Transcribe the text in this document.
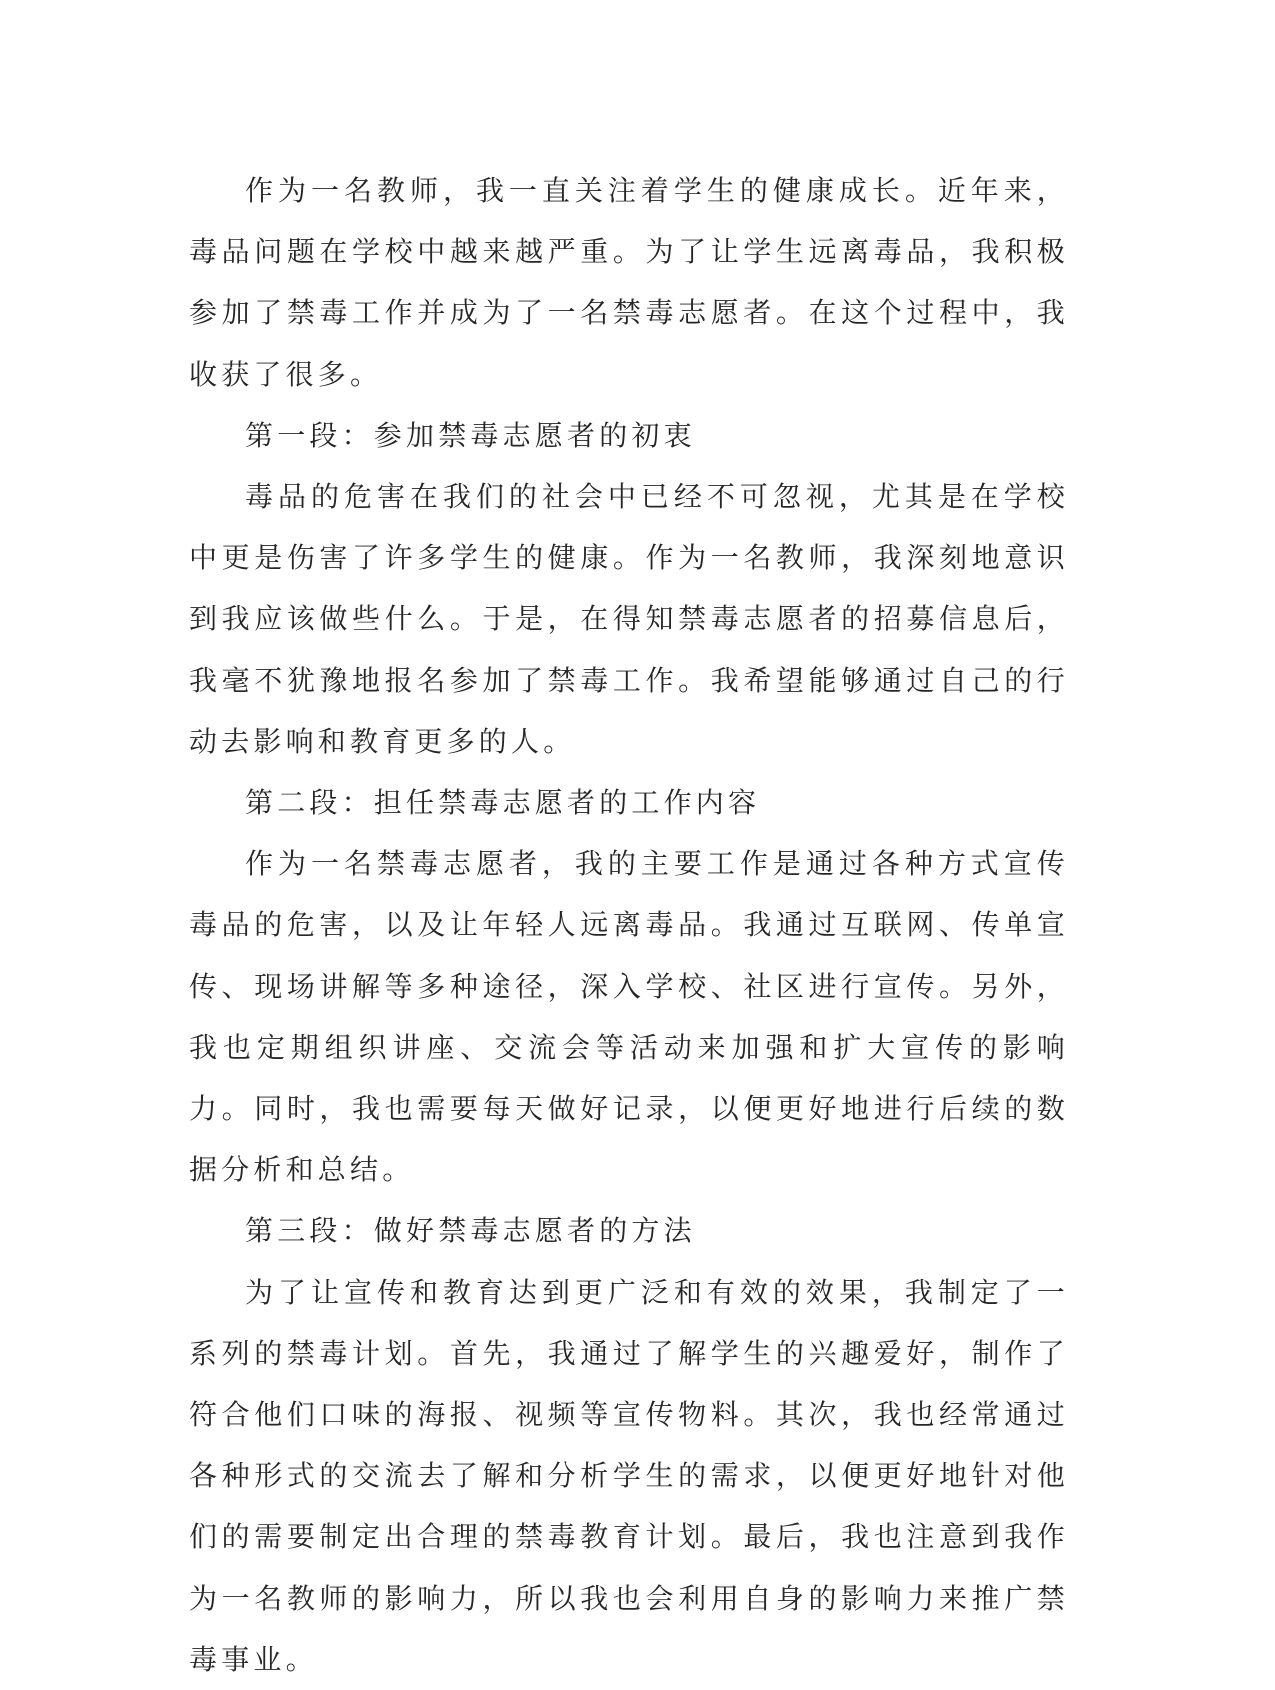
作为一名教师，我一直关注着学生的健康成长。近年来，毒品问题在学校中越来越严重。为了让学生远离毒品，我积极参加了禁毒工作并成为了一名禁毒志愿者。在这个过程中，我收获了很多。

第一段：参加禁毒志愿者的初衷

毒品的危害在我们的社会中已经不可忽视，尤其是在学校中更是伤害了许多学生的健康。作为一名教师，我深刻地意识到我应该做些什么。于是，在得知禁毒志愿者的招募信息后，我毫不犹豫地报名参加了禁毒工作。我希望能够通过自己的行动去影响和教育更多的人。

第二段：担任禁毒志愿者的工作内容

作为一名禁毒志愿者，我的主要工作是通过各种方式宣传毒品的危害，以及让年轻人远离毒品。我通过互联网、传单宣传、现场讲解等多种途径，深入学校、社区进行宣传。另外，我也定期组织讲座、交流会等活动来加强和扩大宣传的影响力。同时，我也需要每天做好记录，以便更好地进行后续的数据分析和总结。

第三段：做好禁毒志愿者的方法

为了让宣传和教育达到更广泛和有效的效果，我制定了一系列的禁毒计划。首先，我通过了解学生的兴趣爱好，制作了符合他们口味的海报、视频等宣传物料。其次，我也经常通过各种形式的交流去了解和分析学生的需求，以便更好地针对他们的需要制定出合理的禁毒教育计划。最后，我也注意到我作为一名教师的影响力，所以我也会利用自身的影响力来推广禁毒事业。
